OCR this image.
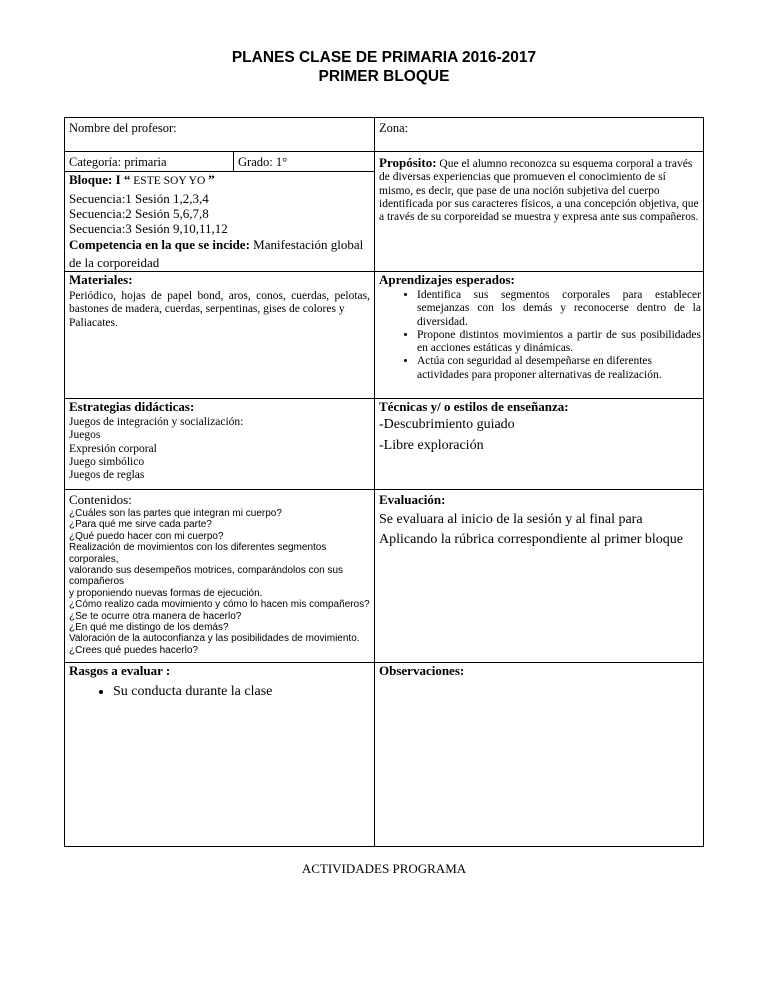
PLANES CLASE DE PRIMARIA 2016-2017
PRIMER BLOQUE
Nombre del profesor:	Zona:
Categoría: primaria	Grado: 1°
Bloque: I “ ESTE SOY YO ”
Secuencia:1 Sesión 1,2,3,4
Secuencia:2 Sesión 5,6,7,8
Secuencia:3 Sesión 9,10,11,12
Competencia en la que se incide: Manifestación global de la corporeidad
Propósito: Que el alumno reconozca su esquema corporal a través de diversas experiencias que promueven el conocimiento de sí mismo, es decir, que pase de una noción subjetiva del cuerpo identificada por sus caracteres físicos, a una concepción objetiva, que a través de su corporeidad se muestra y expresa ante sus compañeros.
Materiales:
Periódico, hojas de papel bond, aros, conos, cuerdas, pelotas, bastones de madera, cuerdas, serpentinas, gises de colores y
Paliacates.
Aprendizajes esperados:
• Identifica sus segmentos corporales para establecer semejanzas con los demás y reconocerse dentro de la diversidad.
• Propone distintos movimientos a partir de sus posibilidades en acciones estáticas y dinámicas.
• Actúa con seguridad al desempeñarse en diferentes actividades para proponer alternativas de realización.
Estrategias didácticas:
Juegos de integración y socialización:
Juegos
Expresión corporal
Juego simbólico
Juegos de reglas
Técnicas y/ o estilos de enseñanza:
-Descubrimiento guiado
-Libre exploración
Contenidos:
¿Cuáles son las partes que integran mi cuerpo?
¿Para qué me sirve cada parte?
¿Qué puedo hacer con mi cuerpo?
Realización de movimientos con los diferentes segmentos corporales,
valorando sus desempeños motrices, comparándolos con sus compañeros
y proponiendo nuevas formas de ejecución.
¿Cómo realizo cada movimiento y cómo lo hacen mis compañeros?
¿Se te ocurre otra manera de hacerlo?
¿En qué me distingo de los demás?
Valoración de la autoconfianza y las posibilidades de movimiento.
¿Crees qué puedes hacerlo?
Evaluación:
Se evaluara al inicio de la sesión y al final para Aplicando la rúbrica correspondiente al primer bloque
Rasgos a evaluar :
• Su conducta durante la clase
Observaciones:
ACTIVIDADES PROGRAMA
